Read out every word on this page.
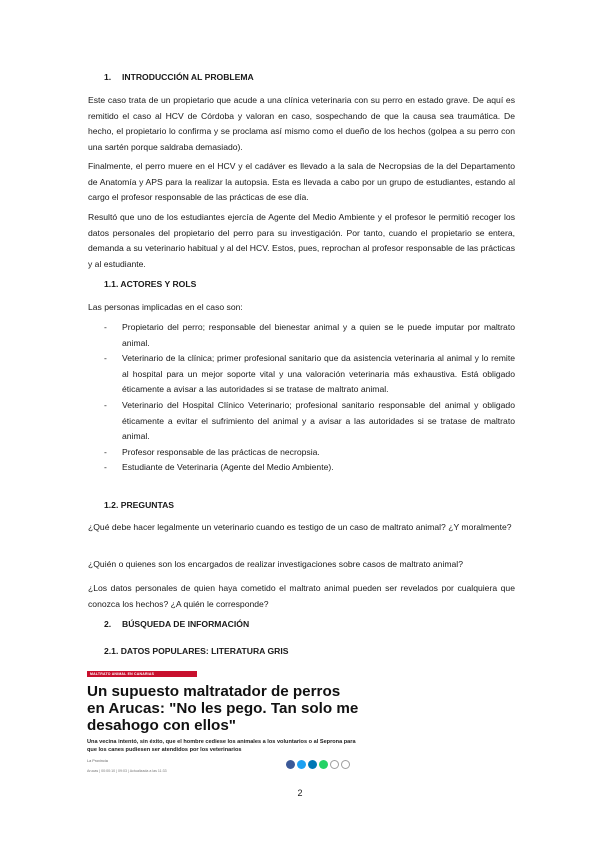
1. INTRODUCCIÓN AL PROBLEMA
Este caso trata de un propietario que acude a una clínica veterinaria con su perro en estado grave. De aquí es remitido el caso al HCV de Córdoba y valoran en caso, sospechando de que la causa sea traumática. De hecho, el propietario lo confirma y se proclama así mismo como el dueño de los hechos (golpea a su perro con una sartén porque saldraba demasiado).
Finalmente, el perro muere en el HCV y el cadáver es llevado a la sala de Necropsias de la del Departamento de Anatomía y APS para la realizar la autopsia. Esta es llevada a cabo por un grupo de estudiantes, estando al cargo el profesor responsable de las prácticas de ese día.
Resultó que uno de los estudiantes ejercía de Agente del Medio Ambiente y el profesor le permitió recoger los datos personales del propietario del perro para su investigación. Por tanto, cuando el propietario se entera, demanda a su veterinario habitual y al del HCV. Estos, pues, reprochan al profesor responsable de las prácticas y al estudiante.
1.1. ACTORES Y ROLS
Las personas implicadas en el caso son:
- Propietario del perro; responsable del bienestar animal y a quien se le puede imputar por maltrato animal.
- Veterinario de la clínica; primer profesional sanitario que da asistencia veterinaria al animal y lo remite al hospital para un mejor soporte vital y una valoración veterinaria más exhaustiva. Está obligado éticamente a avisar a las autoridades si se tratase de maltrato animal.
- Veterinario del Hospital Clínico Veterinario; profesional sanitario responsable del animal y obligado éticamente a evitar el sufrimiento del animal y a avisar a las autoridades si se tratase de maltrato animal.
- Profesor responsable de las prácticas de necropsia.
- Estudiante de Veterinaria (Agente del Medio Ambiente).
1.2. PREGUNTAS
¿Qué debe hacer legalmente un veterinario cuando es testigo de un caso de maltrato animal? ¿Y moralmente?
¿Quién o quienes son los encargados de realizar investigaciones sobre casos de maltrato animal?
¿Los datos personales de quien haya cometido el maltrato animal pueden ser revelados por cualquiera que conozca los hechos? ¿A quién le corresponde?
2. BÚSQUEDA DE INFORMACIÓN
2.1. DATOS POPULARES: LITERATURA GRIS
MALTRATO ANIMAL EN CANARIAS
Un supuesto maltratador de perros en Arucas: "No les pego. Tan solo me desahogo con ellos"
Una vecina intentó, sin éxito, que el hombre cediese los animales a los voluntarios o al Seprona para que los canes pudiesen ser atendidos por los veterinarios
La Provincia
Arucas | 00:00:10 | 09:03 | Actualizada a las 11:33
2
